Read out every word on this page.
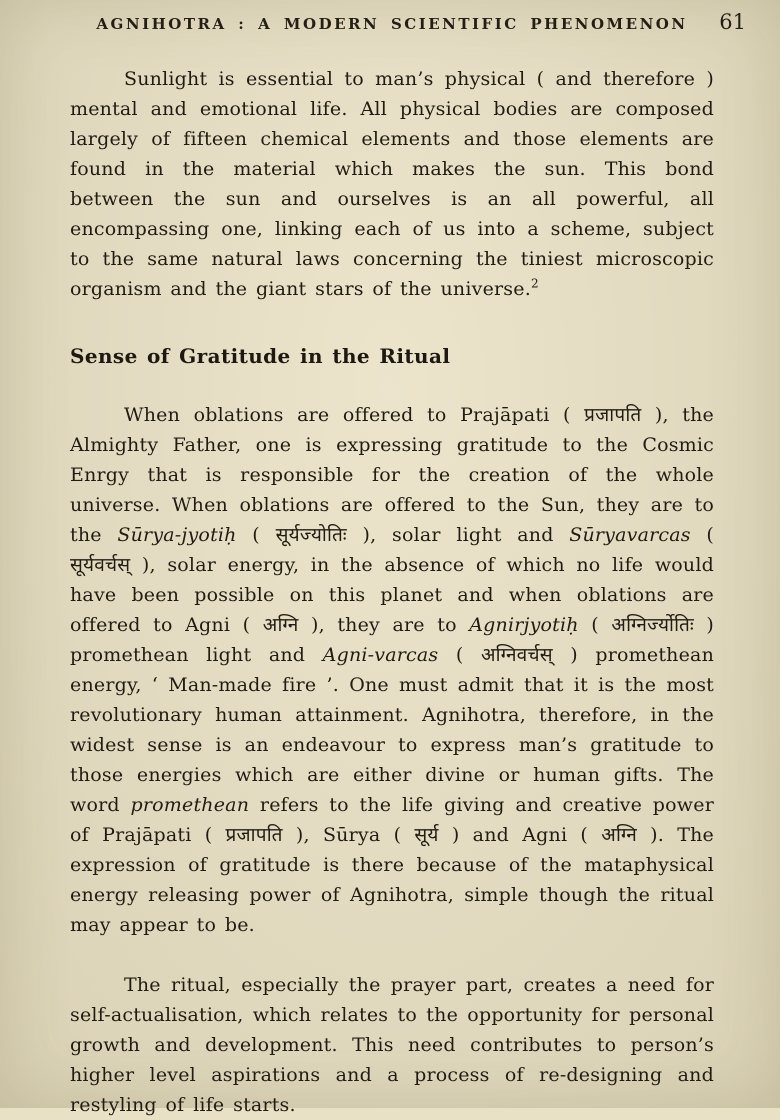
AGNIHOTRA : A MODERN SCIENTIFIC PHENOMENON	61

Sunlight is essential to man’s physical ( and therefore ) mental and emotional life. All physical bodies are composed largely of fifteen chemical elements and those elements are found in the material which makes the sun. This bond between the sun and ourselves is an all powerful, all encompassing one, linking each of us into a scheme, subject to the same natural laws concerning the tiniest microscopic organism and the giant stars of the universe.$^2$

Sense of Gratitude in the Ritual

When oblations are offered to Prajāpati ( प्रजापति ), the Almighty Father, one is expressing gratitude to the Cosmic Enrgy that is responsible for the creation of the whole universe. When oblations are offered to the Sun, they are to the Sūrya-jyotiḥ ( सूर्यज्योतिः ), solar light and Sūryavarcas ( सूर्यवर्चस् ), solar energy, in the absence of which no life would have been possible on this planet and when oblations are offered to Agni ( अग्नि ), they are to Agnirjyotiḥ ( अग्निर्ज्योतिः ) promethean light and Agni-varcas ( अग्निवर्चस् ) promethean energy, ‘ Man-made fire ’. One must admit that it is the most revolutionary human attainment. Agnihotra, therefore, in the widest sense is an endeavour to express man’s gratitude to those energies which are either divine or human gifts. The word promethean refers to the life giving and creative power of Prajāpati ( प्रजापति ), Sūrya ( सूर्य ) and Agni ( अग्नि ). The expression of gratitude is there because of the mataphysical energy releasing power of Agnihotra, simple though the ritual may appear to be.

The ritual, especially the prayer part, creates a need for self-actualisation, which relates to the opportunity for personal growth and development. This need contributes to person’s higher level aspirations and a process of re-designing and restyling of life starts.
